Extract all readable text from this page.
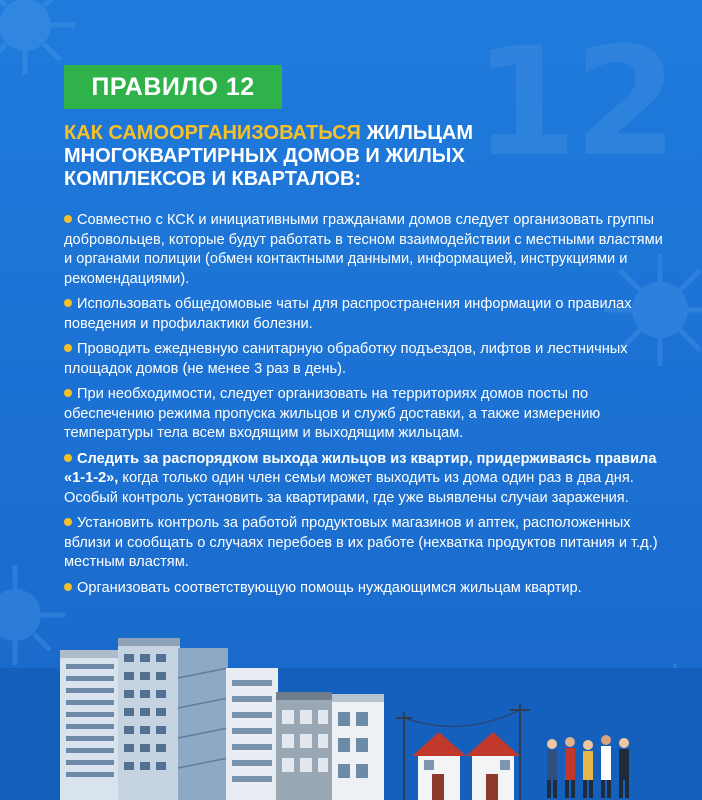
12
ПРАВИЛО 12
КАК САМООРГАНИЗОВАТЬСЯ ЖИЛЬЦАМ МНОГОКВАРТИРНЫХ ДОМОВ И ЖИЛЫХ КОМПЛЕКСОВ И КВАРТАЛОВ:
Совместно с КСК и инициативными гражданами домов следует организовать группы добровольцев, которые будут работать в тесном взаимодействии с местными властями и органами полиции (обмен контактными данными, информацией, инструкциями и рекомендациями).
Использовать общедомовые чаты для распространения информации о правилах поведения и профилактики болезни.
Проводить ежедневную санитарную обработку подъездов, лифтов и лестничных площадок домов (не менее 3 раз в день).
При необходимости, следует организовать на территориях домов посты по обеспечению режима пропуска жильцов и служб доставки, а также измерению температуры тела всем входящим и выходящим жильцам.
Следить за распорядком выхода жильцов из квартир, придерживаясь правила «1-1-2», когда только один член семьи может выходить из дома один раз в два дня. Особый контроль установить за квартирами, где уже выявлены случаи заражения.
Установить контроль за работой продуктовых магазинов и аптек, расположенных вблизи и сообщать о случаях перебоев в их работе (нехватка продуктов питания и т.д.) местным властям.
Организовать соответствующую помощь нуждающимся жильцам квартир.
